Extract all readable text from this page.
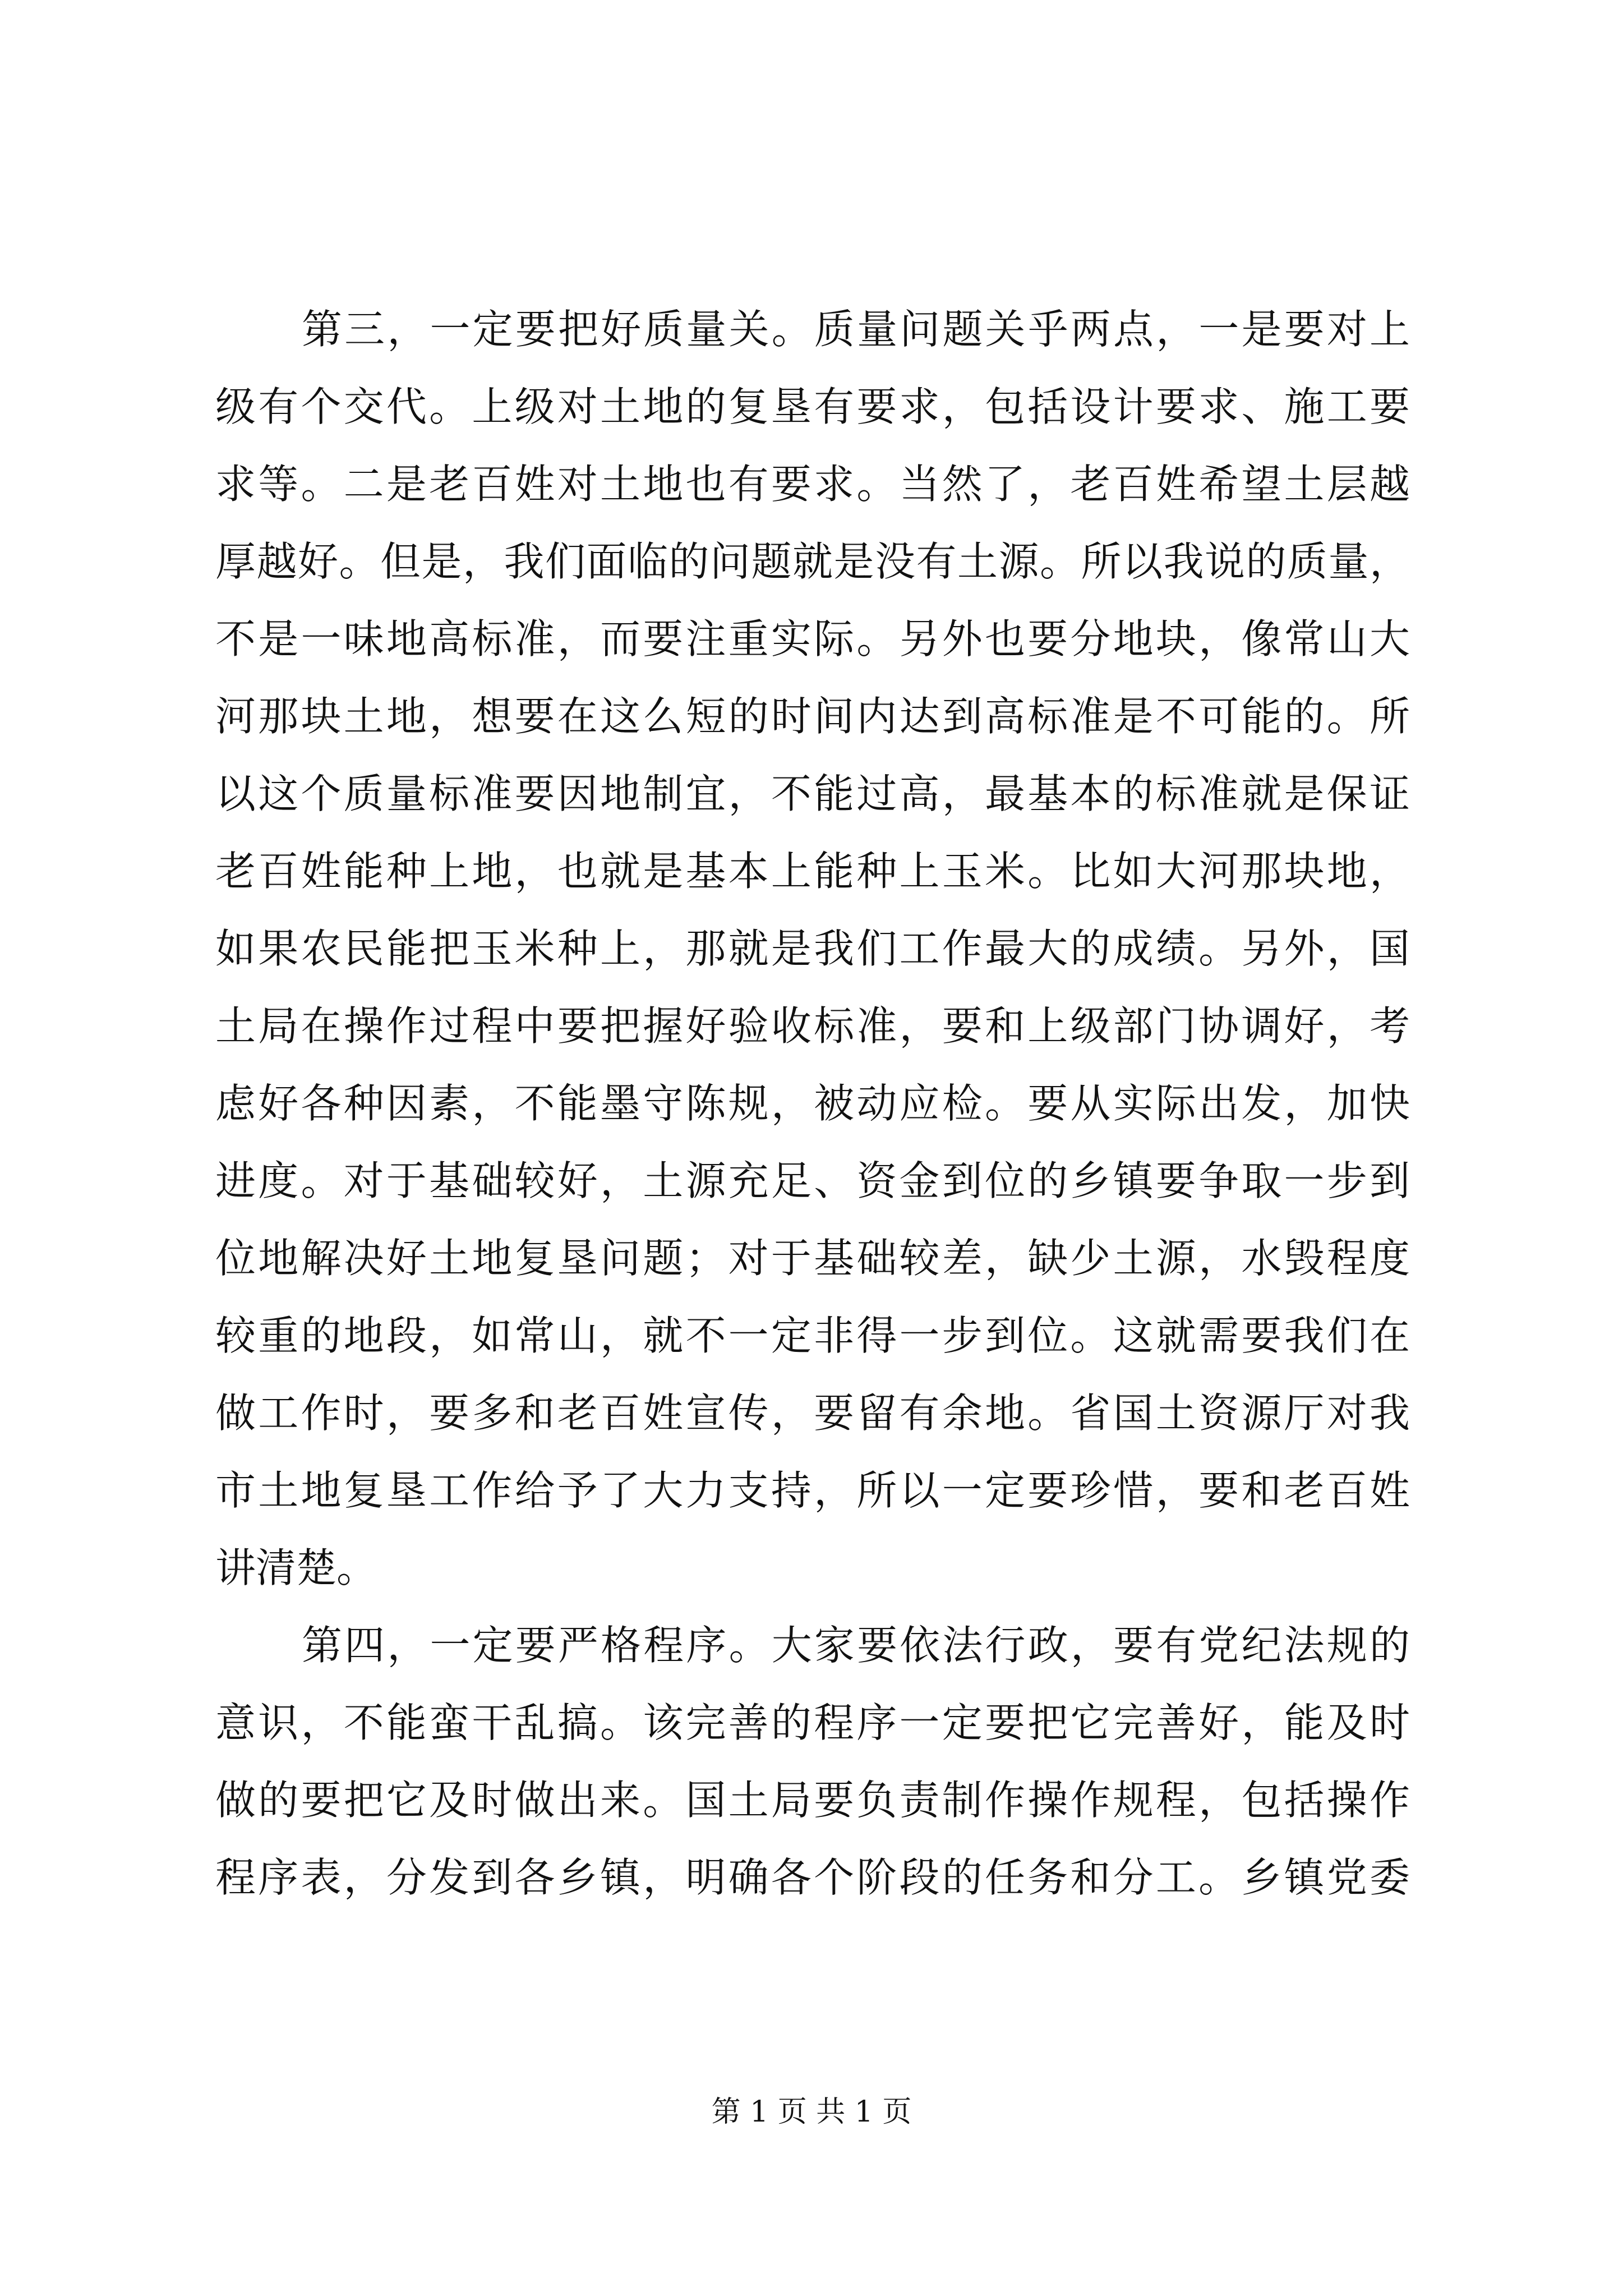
第三，一定要把好质量关。质量问题关乎两点，一是要对上
级有个交代。上级对土地的复垦有要求，包括设计要求、施工要
求等。二是老百姓对土地也有要求。当然了，老百姓希望土层越
厚越好。但是，我们面临的问题就是没有土源。所以我说的质量，
不是一味地高标准，而要注重实际。另外也要分地块，像常山大
河那块土地，想要在这么短的时间内达到高标准是不可能的。所
以这个质量标准要因地制宜，不能过高，最基本的标准就是保证
老百姓能种上地，也就是基本上能种上玉米。比如大河那块地，
如果农民能把玉米种上，那就是我们工作最大的成绩。另外，国
土局在操作过程中要把握好验收标准，要和上级部门协调好，考
虑好各种因素，不能墨守陈规，被动应检。要从实际出发，加快
进度。对于基础较好，土源充足、资金到位的乡镇要争取一步到
位地解决好土地复垦问题；对于基础较差，缺少土源，水毁程度
较重的地段，如常山，就不一定非得一步到位。这就需要我们在
做工作时，要多和老百姓宣传，要留有余地。省国土资源厅对我
市土地复垦工作给予了大力支持，所以一定要珍惜，要和老百姓
讲清楚。
第四，一定要严格程序。大家要依法行政，要有党纪法规的
意识，不能蛮干乱搞。该完善的程序一定要把它完善好，能及时
做的要把它及时做出来。国土局要负责制作操作规程，包括操作
程序表，分发到各乡镇，明确各个阶段的任务和分工。乡镇党委
第 1 页 共 1 页
